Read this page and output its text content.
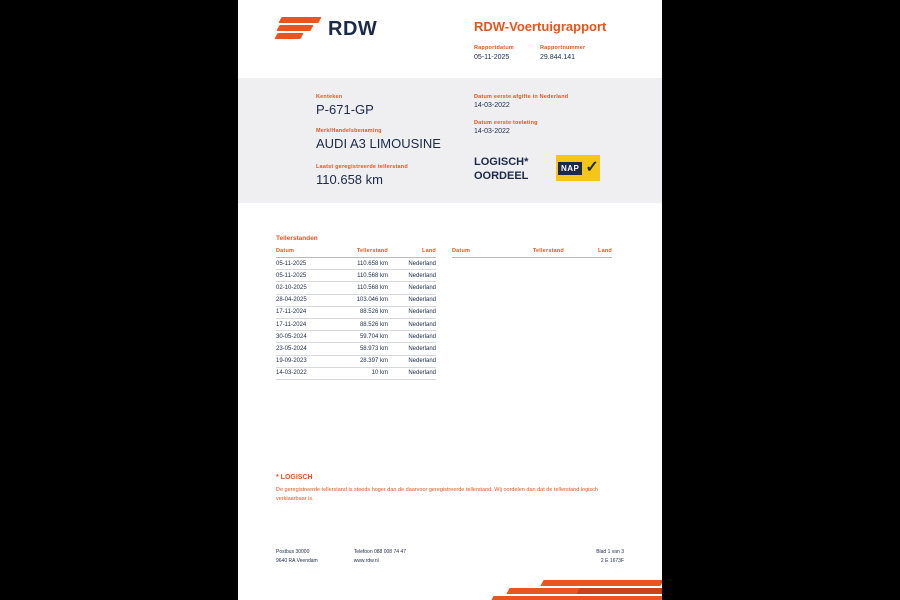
RDW	RDW-Voertuigrapport
Rapportdatum
05-11-2025
Rapportnummer
29.844.141
Kenteken
P-671-GP
Merk/Handelsbenaming
AUDI A3 LIMOUSINE
Datum eerste afgifte in Nederland
14-03-2022
Datum eerste toelating
14-03-2022
Laatst geregistreerde tellerstand
110.658 km
LOGISCH*
OORDEEL
NAP ✓
Tellerstanden
Datum	Tellerstand	Land
05-11-2025	110.658 km	Nederland
05-11-2025	110.568 km	Nederland
02-10-2025	110.568 km	Nederland
28-04-2025	103.046 km	Nederland
17-11-2024	88.526 km	Nederland
17-11-2024	88.526 km	Nederland
30-05-2024	59.704 km	Nederland
23-05-2024	58.973 km	Nederland
19-09-2023	28.397 km	Nederland
14-03-2022	10 km	Nederland
Datum	Tellerstand	Land
* LOGISCH
De geregistreerde tellerstand is steeds hoger dan de daarvoor geregistreerde tellerstand. Wij oordelen dan dat de tellerstand logisch verklaarbaar is.
Postbus 30000
9640 RA Veendam
Telefoon 088 008 74 47
www.rdw.nl
Blad 1 van 3
2 E 1673F
